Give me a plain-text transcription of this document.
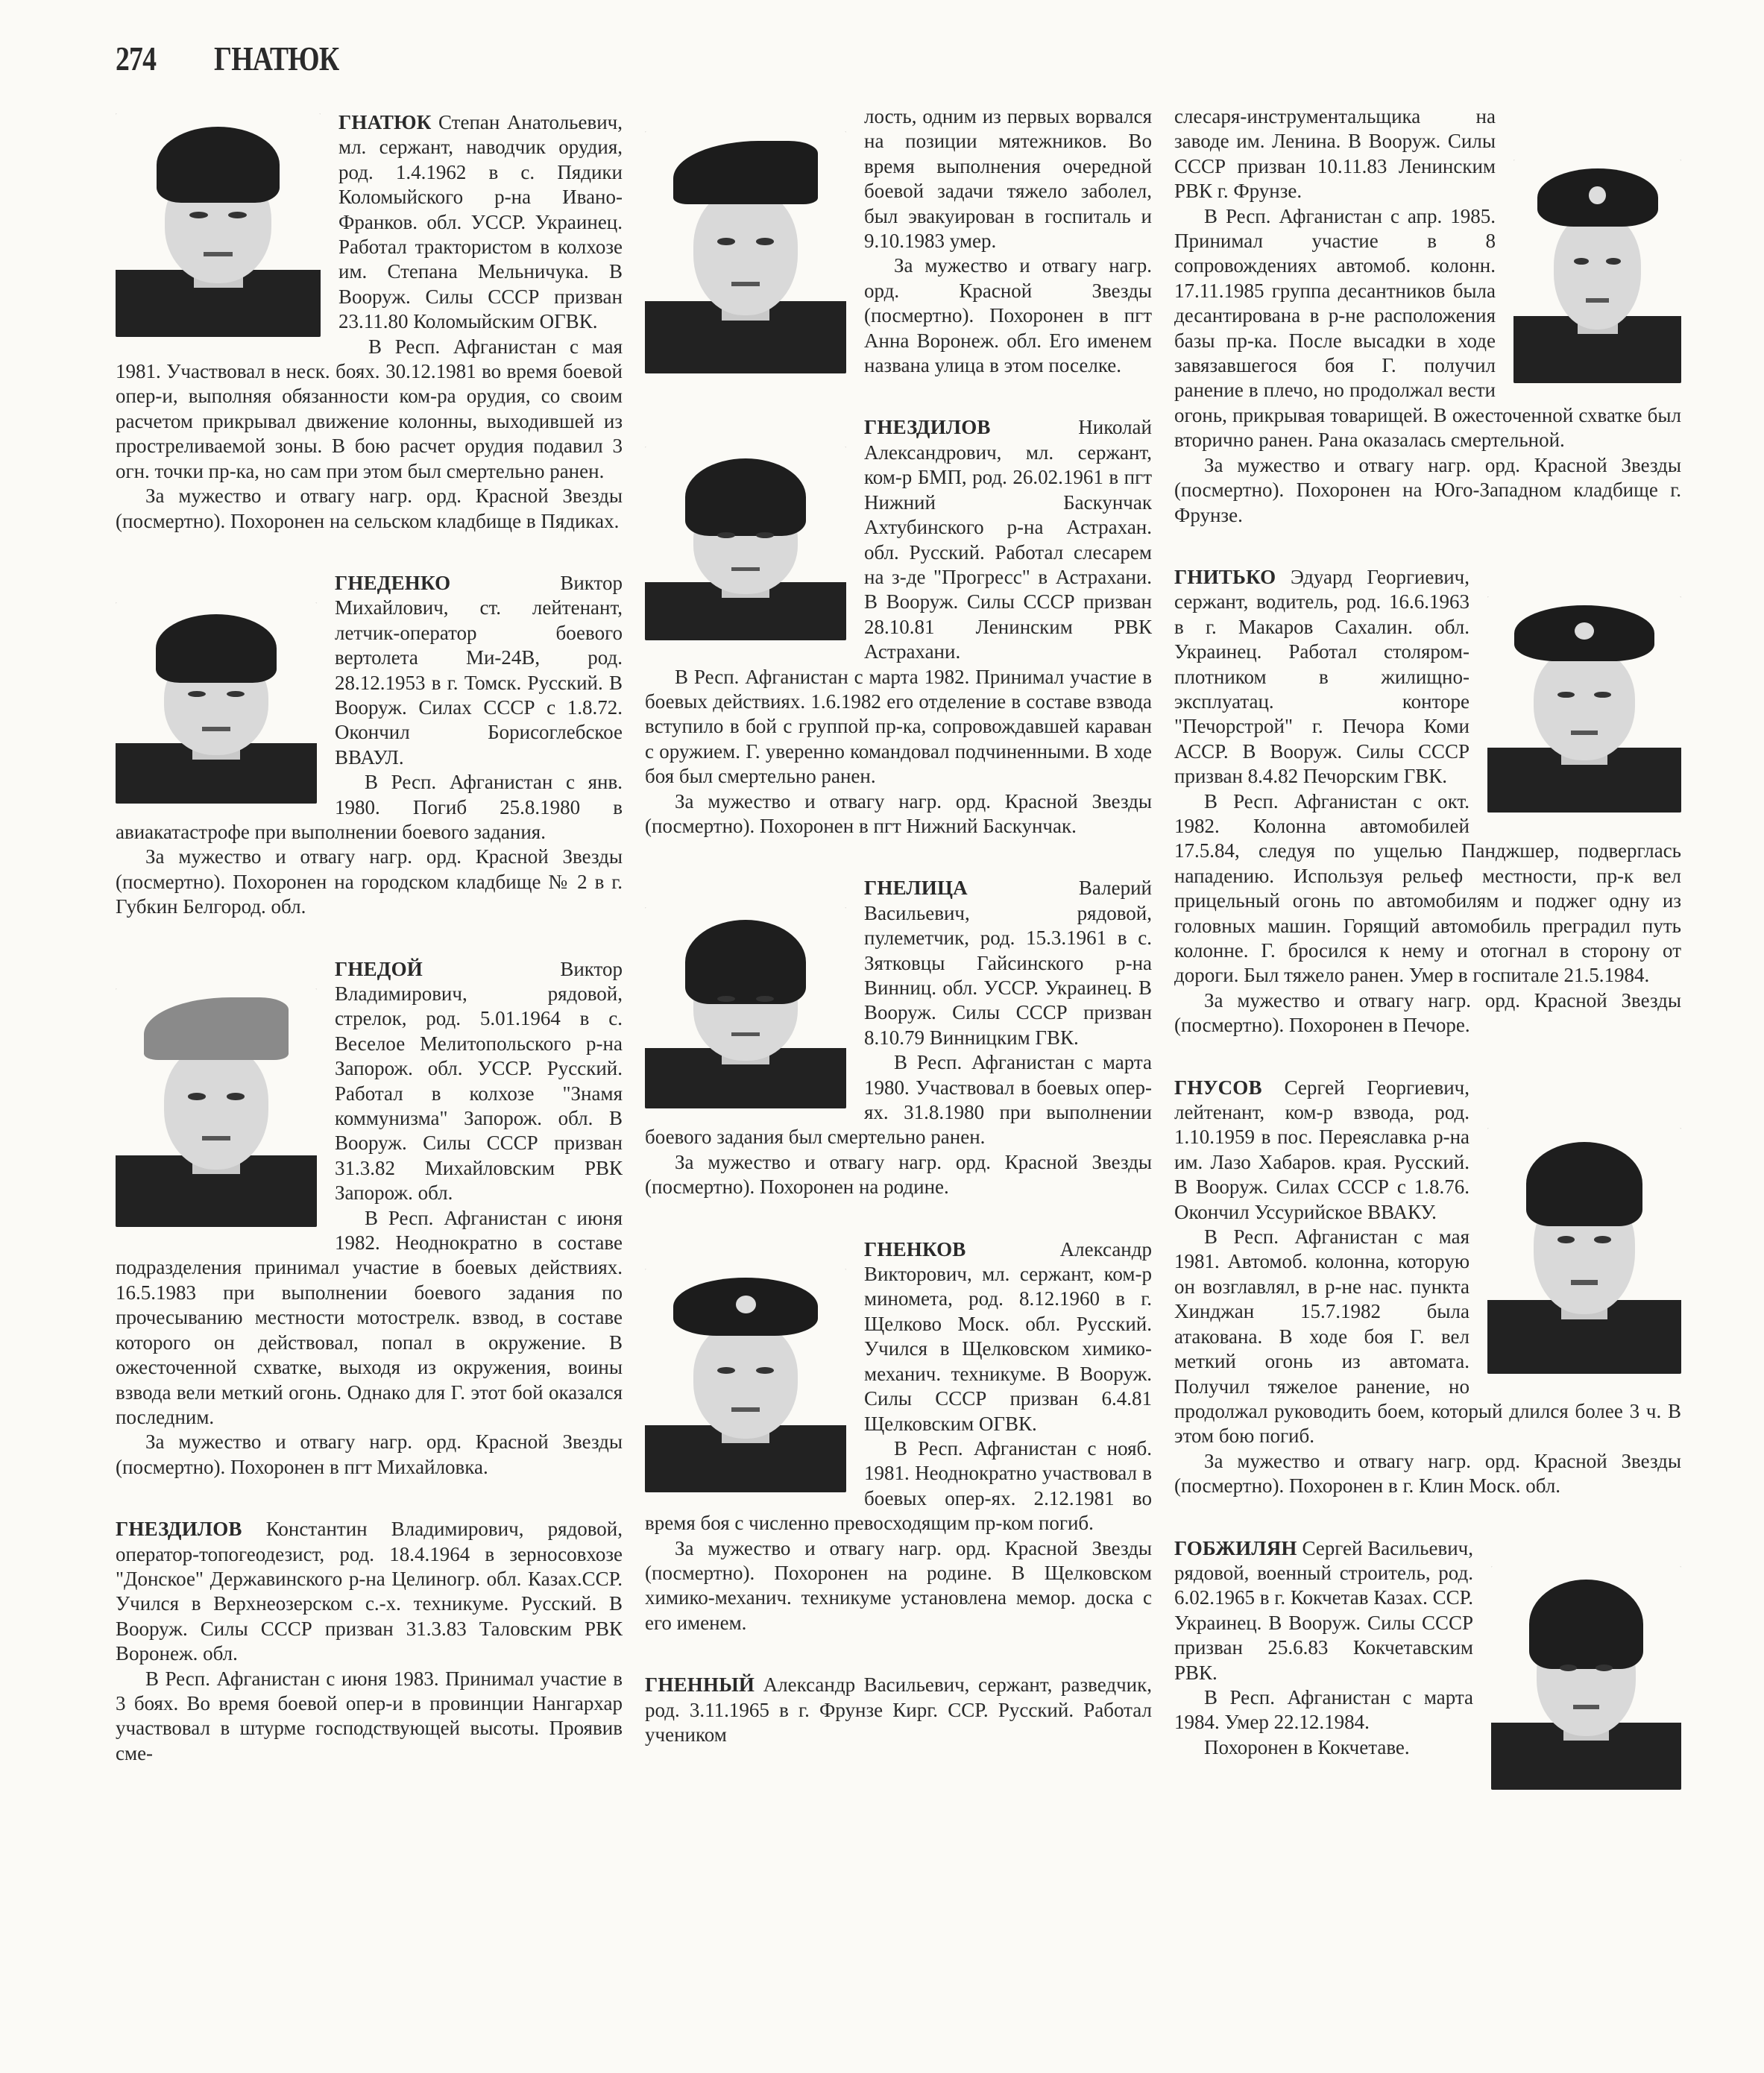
274 ГНАТЮК

ГНАТЮК Степан Анатольевич, мл. сержант, наводчик орудия, род. 1.4.1962 в с. Пядики Коломыйского р-на Ивано-Франков. обл. УССР. Украинец. Работал трактористом в колхозе им. Степана Мельничука. В Вооруж. Силы СССР призван 23.11.80 Коломыйским ОГВК.

В Респ. Афганистан с мая 1981. Участвовал в неск. боях. 30.12.1981 во время боевой опер-и, выполняя обязанности ком-ра орудия, со своим расчетом прикрывал движение колонны, выходившей из простреливаемой зоны. В бою расчет орудия подавил 3 огн. точки пр-ка, но сам при этом был смертельно ранен.

За мужество и отвагу нагр. орд. Красной Звезды (посмертно). Похоронен на сельском кладбище в Пядиках.

ГНЕДЕНКО Виктор Михайлович, ст. лейтенант, летчик-оператор боевого вертолета Ми-24В, род. 28.12.1953 в г. Томск. Русский. В Вооруж. Силах СССР с 1.8.72. Окончил Борисоглебское ВВАУЛ.

В Респ. Афганистан с янв. 1980. Погиб 25.8.1980 в авиакатастрофе при выполнении боевого задания.

За мужество и отвагу нагр. орд. Красной Звезды (посмертно). Похоронен на городском кладбище № 2 в г. Губкин Белгород. обл.

ГНЕДОЙ Виктор Владимирович, рядовой, стрелок, род. 5.01.1964 в с. Веселое Мелитопольского р-на Запорож. обл. УССР. Русский. Работал в колхозе "Знамя коммунизма" Запорож. обл. В Вооруж. Силы СССР призван 31.3.82 Михайловским РВК Запорож. обл.

В Респ. Афганистан с июня 1982. Неоднократно в составе подразделения принимал участие в боевых действиях. 16.5.1983 при выполнении боевого задания по прочесыванию местности мотострелк. взвод, в составе которого он действовал, попал в окружение. В ожесточенной схватке, выходя из окружения, воины взвода вели меткий огонь. Однако для Г. этот бой оказался последним.

За мужество и отвагу нагр. орд. Красной Звезды (посмертно). Похоронен в пгт Михайловка.

ГНЕЗДИЛОВ Константин Владимирович, рядовой, оператор-топогеодезист, род. 18.4.1964 в зерносовхозе "Донское" Державинского р-на Целиногр. обл. Казах.ССР. Учился в Верхнеозерском с.-х. техникуме. Русский. В Вооруж. Силы СССР призван 31.3.83 Таловским РВК Воронеж. обл.

В Респ. Афганистан с июня 1983. Принимал участие в 3 боях. Во время боевой опер-и в провинции Нангархар участвовал в штурме господствующей высоты. Проявив сме-

лость, одним из первых ворвался на позиции мятежников. Во время выполнения очередной боевой задачи тяжело заболел, был эвакуирован в госпиталь и 9.10.1983 умер.

За мужество и отвагу нагр. орд. Красной Звезды (посмертно). Похоронен в пгт Анна Воронеж. обл. Его именем названа улица в этом поселке.

ГНЕЗДИЛОВ Николай Александрович, мл. сержант, ком-р БМП, род. 26.02.1961 в пгт Нижний Баскунчак Ахтубинского р-на Астрахан. обл. Русский. Работал слесарем на з-де "Прогресс" в Астрахани. В Вооруж. Силы СССР призван 28.10.81 Ленинским РВК Астрахани.

В Респ. Афганистан с марта 1982. Принимал участие в боевых действиях. 1.6.1982 его отделение в составе взвода вступило в бой с группой пр-ка, сопровождавшей караван с оружием. Г. уверенно командовал подчиненными. В ходе боя был смертельно ранен.

За мужество и отвагу нагр. орд. Красной Звезды (посмертно). Похоронен в пгт Нижний Баскунчак.

ГНЕЛИЦА Валерий Васильевич, рядовой, пулеметчик, род. 15.3.1961 в с. Зятковцы Гайсинского р-на Винниц. обл. УССР. Украинец. В Вооруж. Силы СССР призван 8.10.79 Винницким ГВК.

В Респ. Афганистан с марта 1980. Участвовал в боевых опер-ях. 31.8.1980 при выполнении боевого задания был смертельно ранен.

За мужество и отвагу нагр. орд. Красной Звезды (посмертно). Похоронен на родине.

ГНЕНКОВ Александр Викторович, мл. сержант, ком-р миномета, род. 8.12.1960 в г. Щелково Моск. обл. Русский. Учился в Щелковском химико-механич. техникуме. В Вооруж. Силы СССР призван 6.4.81 Щелковским ОГВК.

В Респ. Афганистан с нояб. 1981. Неоднократно участвовал в боевых опер-ях. 2.12.1981 во время боя с численно превосходящим пр-ком погиб.

За мужество и отвагу нагр. орд. Красной Звезды (посмертно). Похоронен на родине. В Щелковском химико-механич. техникуме установлена мемор. доска с его именем.

ГНЕННЫЙ Александр Васильевич, сержант, разведчик, род. 3.11.1965 в г. Фрунзе Кирг. ССР. Русский. Работал учеником

слесаря-инструментальщика на заводе им. Ленина. В Вооруж. Силы СССР призван 10.11.83 Ленинским РВК г. Фрунзе.

В Респ. Афганистан с апр. 1985. Принимал участие в 8 сопровождениях автомоб. колонн. 17.11.1985 группа десантников была десантирована в р-не расположения базы пр-ка. После высадки в ходе завязавшегося боя Г. получил ранение в плечо, но продолжал вести огонь, прикрывая товарищей. В ожесточенной схватке был вторично ранен. Рана оказалась смертельной.

За мужество и отвагу нагр. орд. Красной Звезды (посмертно). Похоронен на Юго-Западном кладбище г. Фрунзе.

ГНИТЬКО Эдуард Георгиевич, сержант, водитель, род. 16.6.1963 в г. Макаров Сахалин. обл. Украинец. Работал столяром-плотником в жилищно-эксплуатац. конторе "Печорстрой" г. Печора Коми АССР. В Вооруж. Силы СССР призван 8.4.82 Печорским ГВК.

В Респ. Афганистан с окт. 1982. Колонна автомобилей 17.5.84, следуя по ущелью Панджшер, подверглась нападению. Используя рельеф местности, пр-к вел прицельный огонь по автомобилям и поджег одну из головных машин. Горящий автомобиль преградил путь колонне. Г. бросился к нему и отогнал в сторону от дороги. Был тяжело ранен. Умер в госпитале 21.5.1984.

За мужество и отвагу нагр. орд. Красной Звезды (посмертно). Похоронен в Печоре.

ГНУСОВ Сергей Георгиевич, лейтенант, ком-р взвода, род. 1.10.1959 в пос. Переяславка р-на им. Лазо Хабаров. края. Русский. В Вооруж. Силах СССР с 1.8.76. Окончил Уссурийское ВВАКУ.

В Респ. Афганистан с мая 1981. Автомоб. колонна, которую он возглавлял, в р-не нас. пункта Хинджан 15.7.1982 была атакована. В ходе боя Г. вел меткий огонь из автомата. Получил тяжелое ранение, но продолжал руководить боем, который длился более 3 ч. В этом бою погиб.

За мужество и отвагу нагр. орд. Красной Звезды (посмертно). Похоронен в г. Клин Моск. обл.

ГОБЖИЛЯН Сергей Васильевич, рядовой, военный строитель, род. 6.02.1965 в г. Кокчетав Казах. ССР. Украинец. В Вооруж. Силы СССР призван 25.6.83 Кокчетавским РВК.

В Респ. Афганистан с марта 1984. Умер 22.12.1984.

Похоронен в Кокчетаве.
